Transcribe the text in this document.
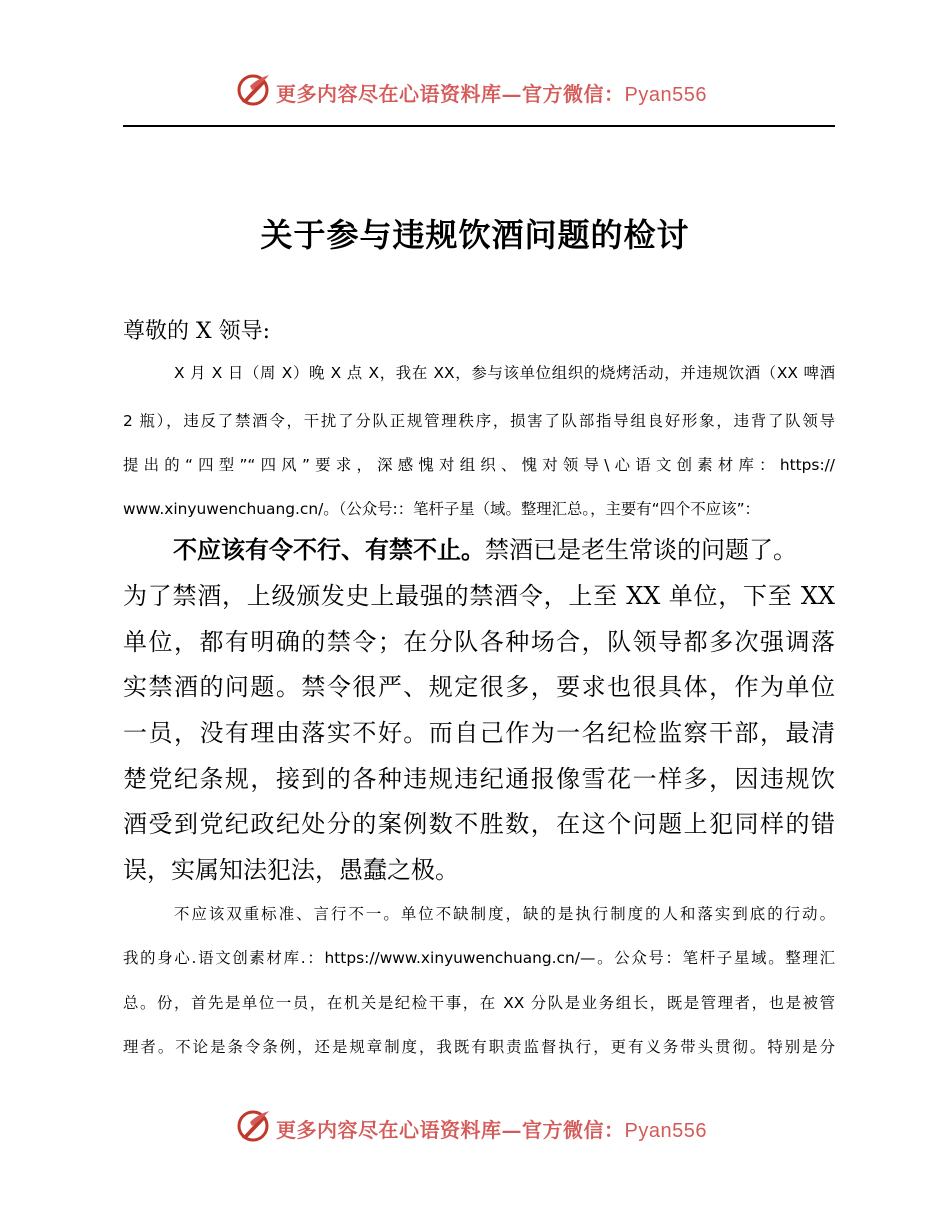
更多内容尽在心语资料库—官方微信：Pyan556
关于参与违规饮酒问题的检讨
尊敬的 X 领导:

X 月 X 日（周 X）晚 X 点 X，我在 XX，参与该单位组织的烧烤活动，并违规饮酒（XX 啤酒

2 瓶），违反了禁酒令，干扰了分队正规管理秩序，损害了队部指导组良好形象，违背了队领导

提出的“四型”“四风”要求，深感愧对组织、愧对领导\心语文创素材库：https://

www.xinyuwenchuang.cn/。（公众号:：笔杆子星（域。整理汇总。，主要有“四个不应该”：

不应该有令不行、有禁不止。禁酒已是老生常谈的问题了。

为了禁酒，上级颁发史上最强的禁酒令，上至 XX 单位，下至 XX

单位，都有明确的禁令；在分队各种场合，队领导都多次强调落

实禁酒的问题。禁令很严、规定很多，要求也很具体，作为单位

一员，没有理由落实不好。而自己作为一名纪检监察干部，最清

楚党纪条规，接到的各种违规违纪通报像雪花一样多，因违规饮

酒受到党纪政纪处分的案例数不胜数，在这个问题上犯同样的错

误，实属知法犯法，愚蠢之极。

不应该双重标准、言行不一。单位不缺制度，缺的是执行制度的人和落实到底的行动。

我的身心.语文创素材库.：https://www.xinyuwenchuang.cn/—。公众号：笔杆子星域。整理汇

总。份，首先是单位一员，在机关是纪检干事，在 XX 分队是业务组长，既是管理者，也是被管

理者。不论是条令条例，还是规章制度，我既有职责监督执行，更有义务带头贯彻。特别是分

更多内容尽在心语资料库—官方微信：Pyan556
